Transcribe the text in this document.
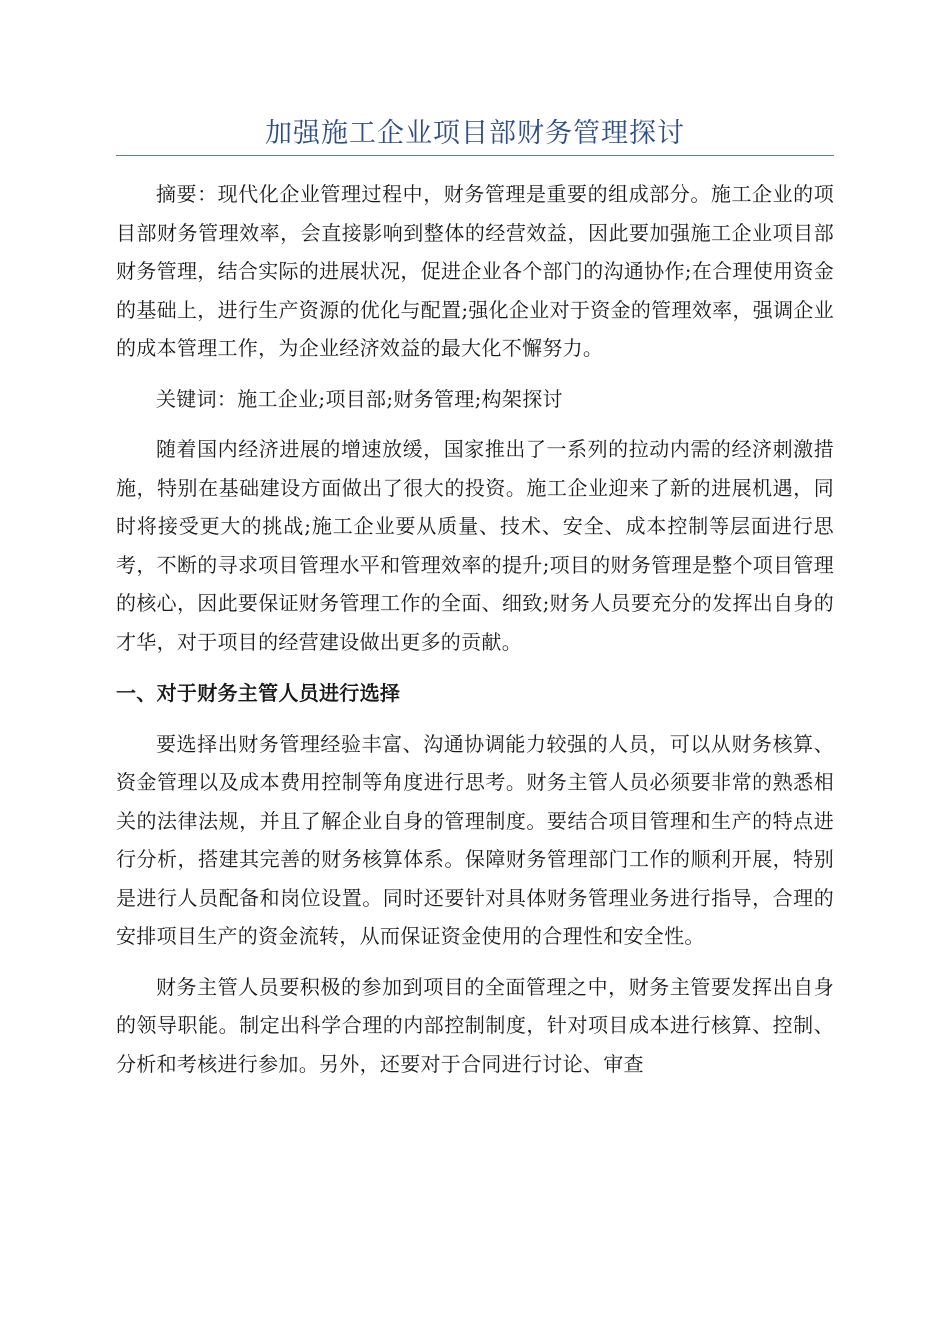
加强施工企业项目部财务管理探讨

摘要：现代化企业管理过程中，财务管理是重要的组成部分。施工企业的项目部财务管理效率，会直接影响到整体的经营效益，因此要加强施工企业项目部财务管理，结合实际的进展状况，促进企业各个部门的沟通协作;在合理使用资金的基础上，进行生产资源的优化与配置;强化企业对于资金的管理效率，强调企业的成本管理工作，为企业经济效益的最大化不懈努力。

关键词：施工企业;项目部;财务管理;构架探讨

随着国内经济进展的增速放缓，国家推出了一系列的拉动内需的经济刺激措施，特别在基础建设方面做出了很大的投资。施工企业迎来了新的进展机遇，同时将接受更大的挑战;施工企业要从质量、技术、安全、成本控制等层面进行思考，不断的寻求项目管理水平和管理效率的提升;项目的财务管理是整个项目管理的核心，因此要保证财务管理工作的全面、细致;财务人员要充分的发挥出自身的才华，对于项目的经营建设做出更多的贡献。

一、对于财务主管人员进行选择

要选择出财务管理经验丰富、沟通协调能力较强的人员，可以从财务核算、资金管理以及成本费用控制等角度进行思考。财务主管人员必须要非常的熟悉相关的法律法规，并且了解企业自身的管理制度。要结合项目管理和生产的特点进行分析，搭建其完善的财务核算体系。保障财务管理部门工作的顺利开展，特别是进行人员配备和岗位设置。同时还要针对具体财务管理业务进行指导，合理的安排项目生产的资金流转，从而保证资金使用的合理性和安全性。

财务主管人员要积极的参加到项目的全面管理之中，财务主管要发挥出自身的领导职能。制定出科学合理的内部控制制度，针对项目成本进行核算、控制、分析和考核进行参加。另外，还要对于合同进行讨论、审查
